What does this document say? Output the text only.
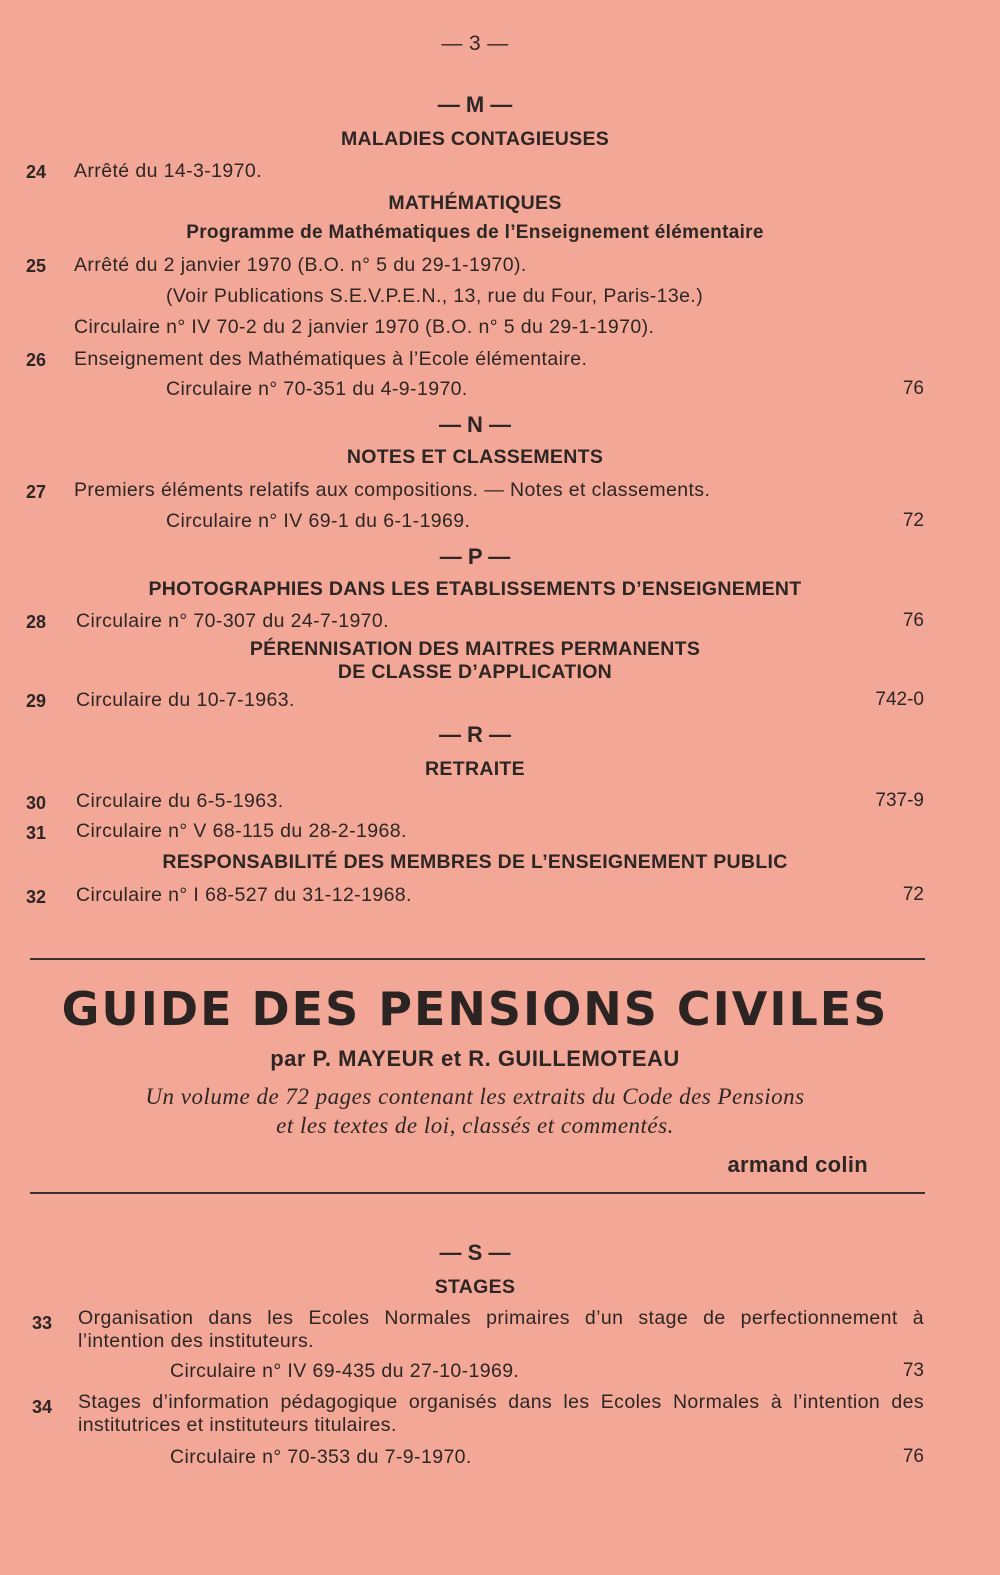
— 3 —
— M —
MALADIES CONTAGIEUSES
24 Arrêté du 14-3-1970.
MATHÉMATIQUES
Programme de Mathématiques de l’Enseignement élémentaire
25 Arrêté du 2 janvier 1970 (B.O. n° 5 du 29-1-1970).
(Voir Publications S.E.V.P.E.N., 13, rue du Four, Paris-13e.)
Circulaire n° IV 70-2 du 2 janvier 1970 (B.O. n° 5 du 29-1-1970).
26 Enseignement des Mathématiques à l’Ecole élémentaire.
Circulaire n° 70-351 du 4-9-1970.	76
— N —
NOTES ET CLASSEMENTS
27 Premiers éléments relatifs aux compositions. — Notes et classements.
Circulaire n° IV 69-1 du 6-1-1969.	72
— P —
PHOTOGRAPHIES DANS LES ETABLISSEMENTS D’ENSEIGNEMENT
28 Circulaire n° 70-307 du 24-7-1970.	76
PÉRENNISATION DES MAITRES PERMANENTS
DE CLASSE D’APPLICATION
29 Circulaire du 10-7-1963.	742-0
— R —
RETRAITE
30 Circulaire du 6-5-1963.	737-9
31 Circulaire n° V 68-115 du 28-2-1968.
RESPONSABILITÉ DES MEMBRES DE L’ENSEIGNEMENT PUBLIC
32 Circulaire n° I 68-527 du 31-12-1968.	72
GUIDE DES PENSIONS CIVILES
par P. MAYEUR et R. GUILLEMOTEAU
Un volume de 72 pages contenant les extraits du Code des Pensions
et les textes de loi, classés et commentés.
armand colin
— S —
STAGES
33 Organisation dans les Ecoles Normales primaires d’un stage de perfectionnement à l’intention des instituteurs.
Circulaire n° IV 69-435 du 27-10-1969.	73
34 Stages d’information pédagogique organisés dans les Ecoles Normales à l’intention des institutrices et instituteurs titulaires.
Circulaire n° 70-353 du 7-9-1970.	76
